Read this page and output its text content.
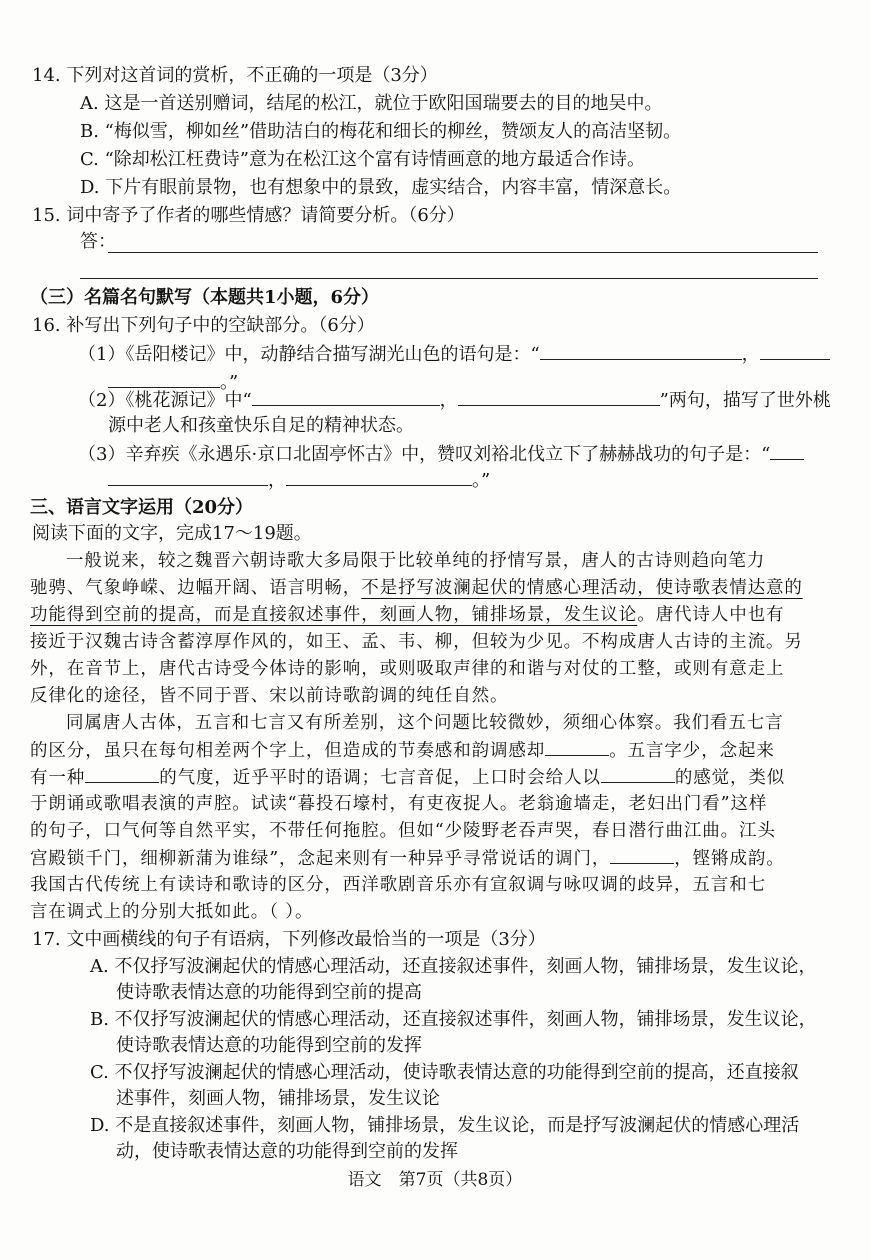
14. 下列对这首词的赏析，不正确的一项是（3分）
A. 这是一首送别赠词，结尾的松江，就位于欧阳国瑞要去的目的地吴中。
B. “梅似雪，柳如丝”借助洁白的梅花和细长的柳丝，赞颂友人的高洁坚韧。
C. “除却松江枉费诗”意为在松江这个富有诗情画意的地方最适合作诗。
D. 下片有眼前景物，也有想象中的景致，虚实结合，内容丰富，情深意长。
15. 词中寄予了作者的哪些情感？请简要分析。（6分）
答：
（三）名篇名句默写（本题共1小题，6分）
16. 补写出下列句子中的空缺部分。（6分）
（1）《岳阳楼记》中，动静结合描写湖光山色的语句是：“	，
。”
（2）《桃花源记》中“	，	”两句，描写了世外桃
源中老人和孩童快乐自足的精神状态。
（3）辛弃疾《永遇乐·京口北固亭怀古》中，赞叹刘裕北伐立下了赫赫战功的句子是：“
，	。”
三、语言文字运用（20分）
阅读下面的文字，完成17～19题。
一般说来，较之魏晋六朝诗歌大多局限于比较单纯的抒情写景，唐人的古诗则趋向笔力
驰骋、气象峥嵘、边幅开阔、语言明畅，不是抒写波澜起伏的情感心理活动，使诗歌表情达意的
功能得到空前的提高，而是直接叙述事件，刻画人物，铺排场景，发生议论。唐代诗人中也有
接近于汉魏古诗含蓄淳厚作风的，如王、孟、韦、柳，但较为少见。不构成唐人古诗的主流。另
外，在音节上，唐代古诗受今体诗的影响，或则吸取声律的和谐与对仗的工整，或则有意走上
反律化的途径，皆不同于晋、宋以前诗歌韵调的纯任自然。
同属唐人古体，五言和七言又有所差别，这个问题比较微妙，须细心体察。我们看五七言
的区分，虽只在每句相差两个字上，但造成的节奏感和韵调感却	。五言字少，念起来
有一种	的气度，近乎平时的语调；七言音促，上口时会给人以	的感觉，类似
于朗诵或歌唱表演的声腔。试读“暮投石壕村，有吏夜捉人。老翁逾墙走，老妇出门看”这样
的句子，口气何等自然平实，不带任何拖腔。但如“少陵野老吞声哭，春日潜行曲江曲。江头
宫殿锁千门，细柳新蒲为谁绿”，念起来则有一种异乎寻常说话的调门，	，铿锵成韵。
我国古代传统上有读诗和歌诗的区分，西洋歌剧音乐亦有宣叙调与咏叹调的歧异，五言和七
言在调式上的分别大抵如此。（ ）。
17. 文中画横线的句子有语病，下列修改最恰当的一项是（3分）
A. 不仅抒写波澜起伏的情感心理活动，还直接叙述事件，刻画人物，铺排场景，发生议论，
使诗歌表情达意的功能得到空前的提高
B. 不仅抒写波澜起伏的情感心理活动，还直接叙述事件，刻画人物，铺排场景，发生议论，
使诗歌表情达意的功能得到空前的发挥
C. 不仅抒写波澜起伏的情感心理活动，使诗歌表情达意的功能得到空前的提高，还直接叙
述事件，刻画人物，铺排场景，发生议论
D. 不是直接叙述事件，刻画人物，铺排场景，发生议论，而是抒写波澜起伏的情感心理活
动，使诗歌表情达意的功能得到空前的发挥
语文　第7页（共8页）
